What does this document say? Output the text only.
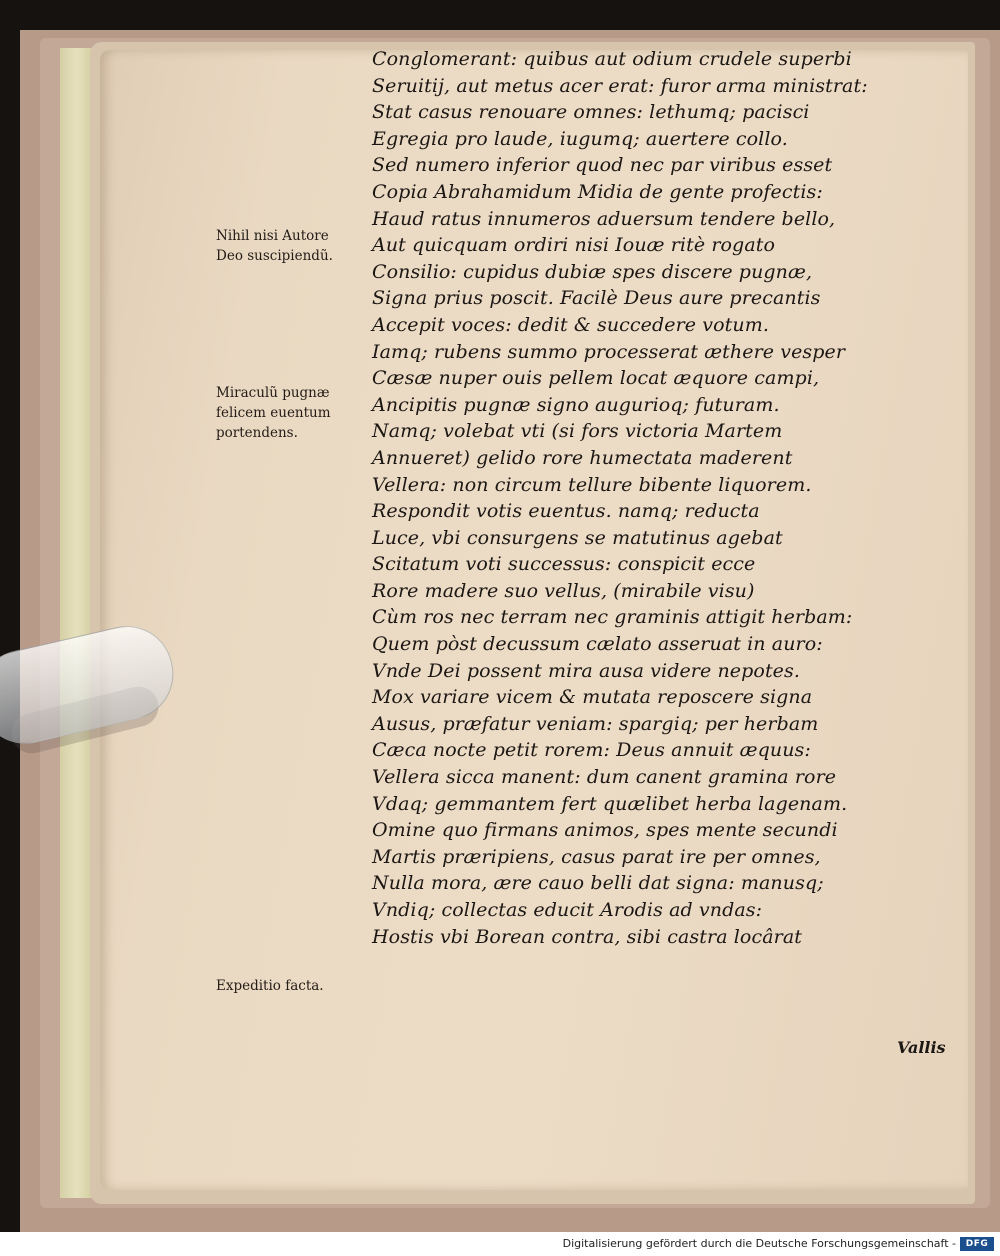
Conglomerant: quibus aut odium crudele superbi
Seruitij, aut metus acer erat: furor arma ministrat:
Stat casus renouare omnes: lethumq; pacisci
Egregia pro laude, iugumq; auertere collo.
Sed numero inferior quod nec par viribus esset
Copia Abrahamidum Midia de gente profectis:
Haud ratus innumeros aduersum tendere bello,
Aut quicquam ordiri nisi Iouæ ritè rogato
Consilio: cupidus dubiæ spes discere pugnæ,
Signa prius poscit. Facilè Deus aure precantis
Accepit voces: dedit & succedere votum.
Iamq; rubens summo processerat æthere vesper
Cæsæ nuper ouis pellem locat æquore campi,
Ancipitis pugnæ signo augurioq; futuram.
Namq; volebat vti (si fors victoria Martem
Annueret) gelido rore humectata maderent
Vellera: non circum tellure bibente liquorem.
Respondit votis euentus. namq; reducta
Luce, vbi consurgens se matutinus agebat
Scitatum voti successus: conspicit ecce
Rore madere suo vellus, (mirabile visu)
Cùm ros nec terram nec graminis attigit herbam:
Quem pòst decussum cælato asseruat in auro:
Vnde Dei possent mira ausa videre nepotes.
Mox variare vicem & mutata reposcere signa
Ausus, præfatur veniam: spargiq; per herbam
Cæca nocte petit rorem: Deus annuit æquus:
Vellera sicca manent: dum canent gramina rore
Vdaq; gemmantem fert quælibet herba lagenam.
Omine quo firmans animos, spes mente secundi
Martis præripiens, casus parat ire per omnes,
Nulla mora, ære cauo belli dat signa: manusq;
Vndiq; collectas educit Arodis ad vndas:
Hostis vbi Borean contra, sibi castra locârat
Nihil nisi Autore
Deo suscipiendũ.
Miraculũ pugnæ
felicem euentum
portendens.
Expeditio facta.
Vallis
Digitalisierung gefördert durch die Deutsche Forschungsgemeinschaft -	DFG
